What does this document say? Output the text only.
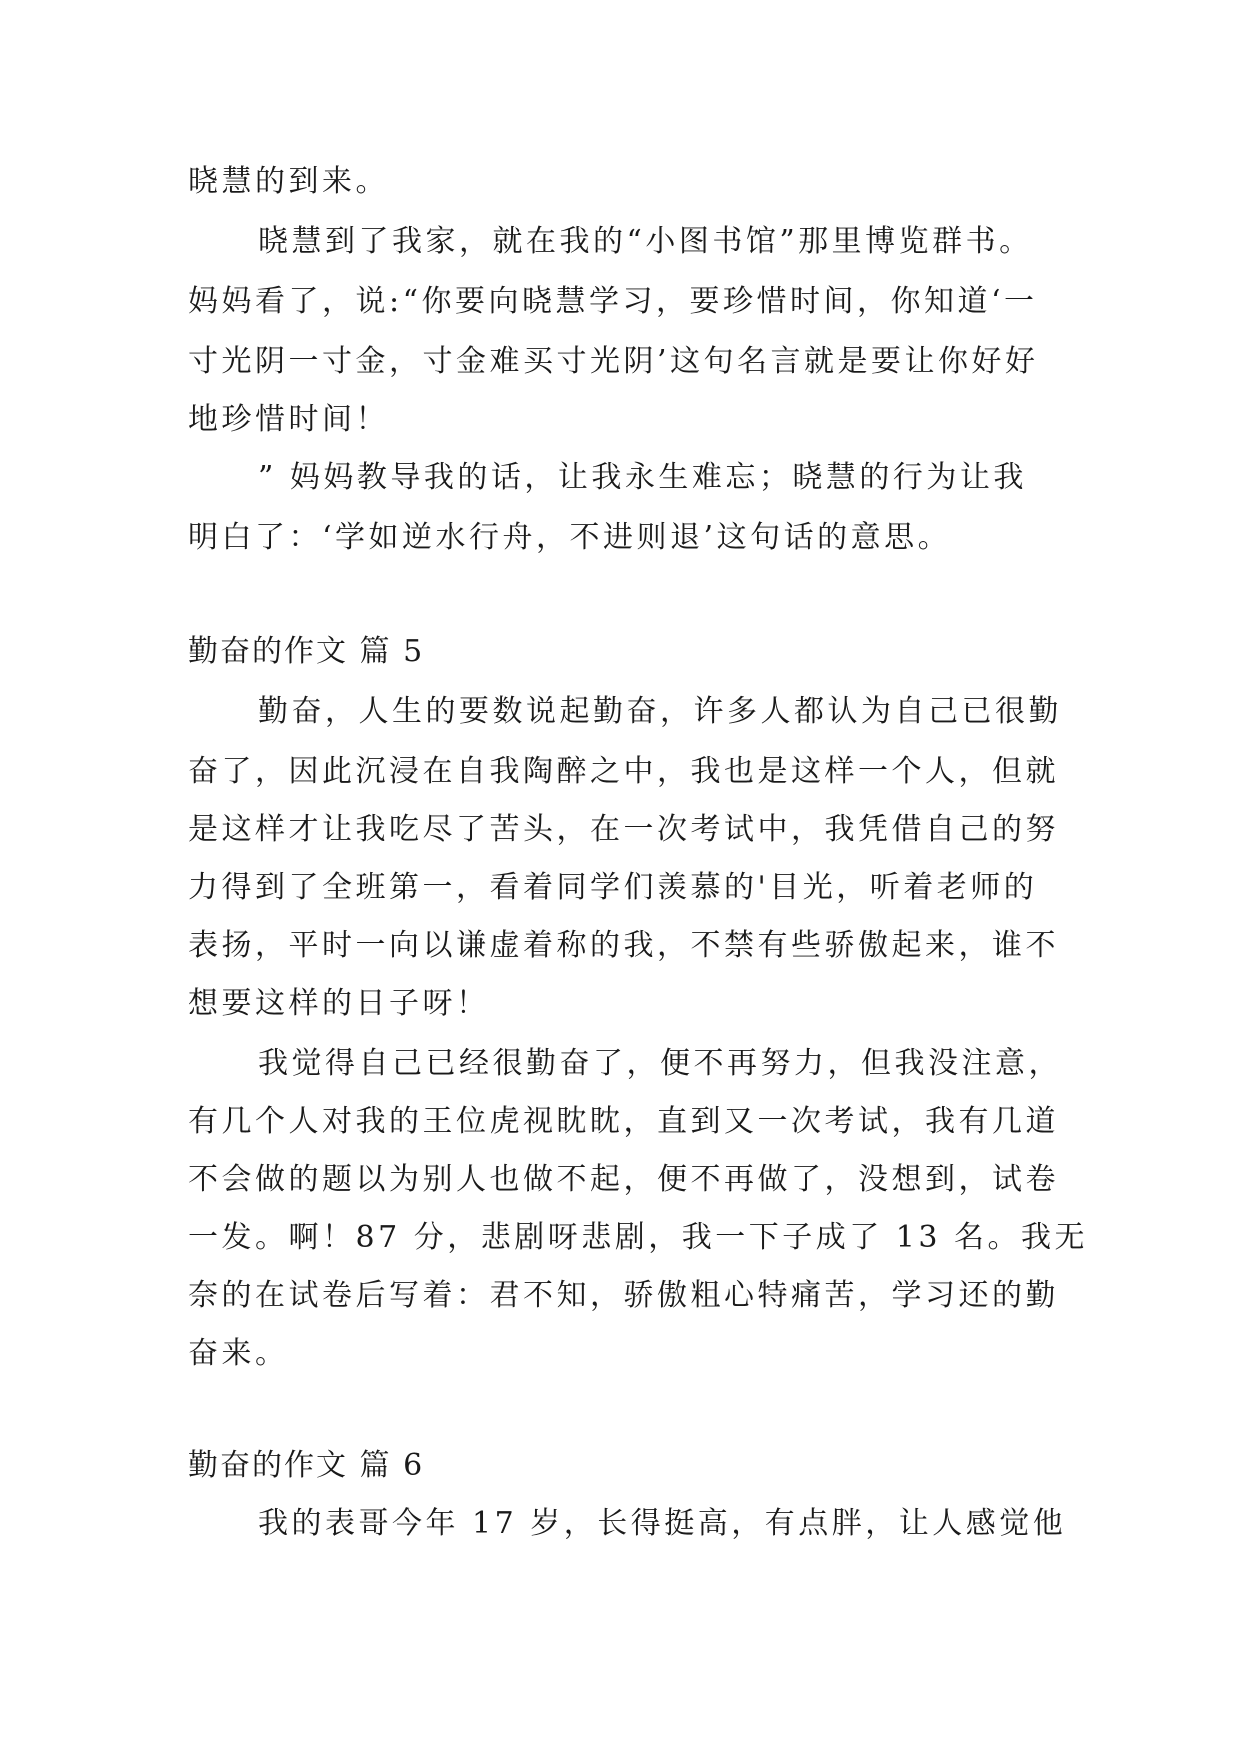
晓慧的到来。
晓慧到了我家，就在我的“小图书馆”那里博览群书。
妈妈看了，说:“你要向晓慧学习，要珍惜时间，你知道‘一
寸光阴一寸金，寸金难买寸光阴’这句名言就是要让你好好
地珍惜时间！
” 妈妈教导我的话，让我永生难忘；晓慧的行为让我
明白了：‘学如逆水行舟，不进则退’这句话的意思。
勤奋的作文 篇 5
勤奋，人生的要数说起勤奋，许多人都认为自己已很勤
奋了，因此沉浸在自我陶醉之中，我也是这样一个人，但就
是这样才让我吃尽了苦头，在一次考试中，我凭借自己的努
力得到了全班第一，看着同学们羡慕的'目光，听着老师的
表扬，平时一向以谦虚着称的我，不禁有些骄傲起来，谁不
想要这样的日子呀！
我觉得自己已经很勤奋了，便不再努力，但我没注意，
有几个人对我的王位虎视眈眈，直到又一次考试，我有几道
不会做的题以为别人也做不起，便不再做了，没想到，试卷
一发。啊！87 分，悲剧呀悲剧，我一下子成了 13 名。我无
奈的在试卷后写着：君不知，骄傲粗心特痛苦，学习还的勤
奋来。
勤奋的作文 篇 6
我的表哥今年 17 岁，长得挺高，有点胖，让人感觉他
